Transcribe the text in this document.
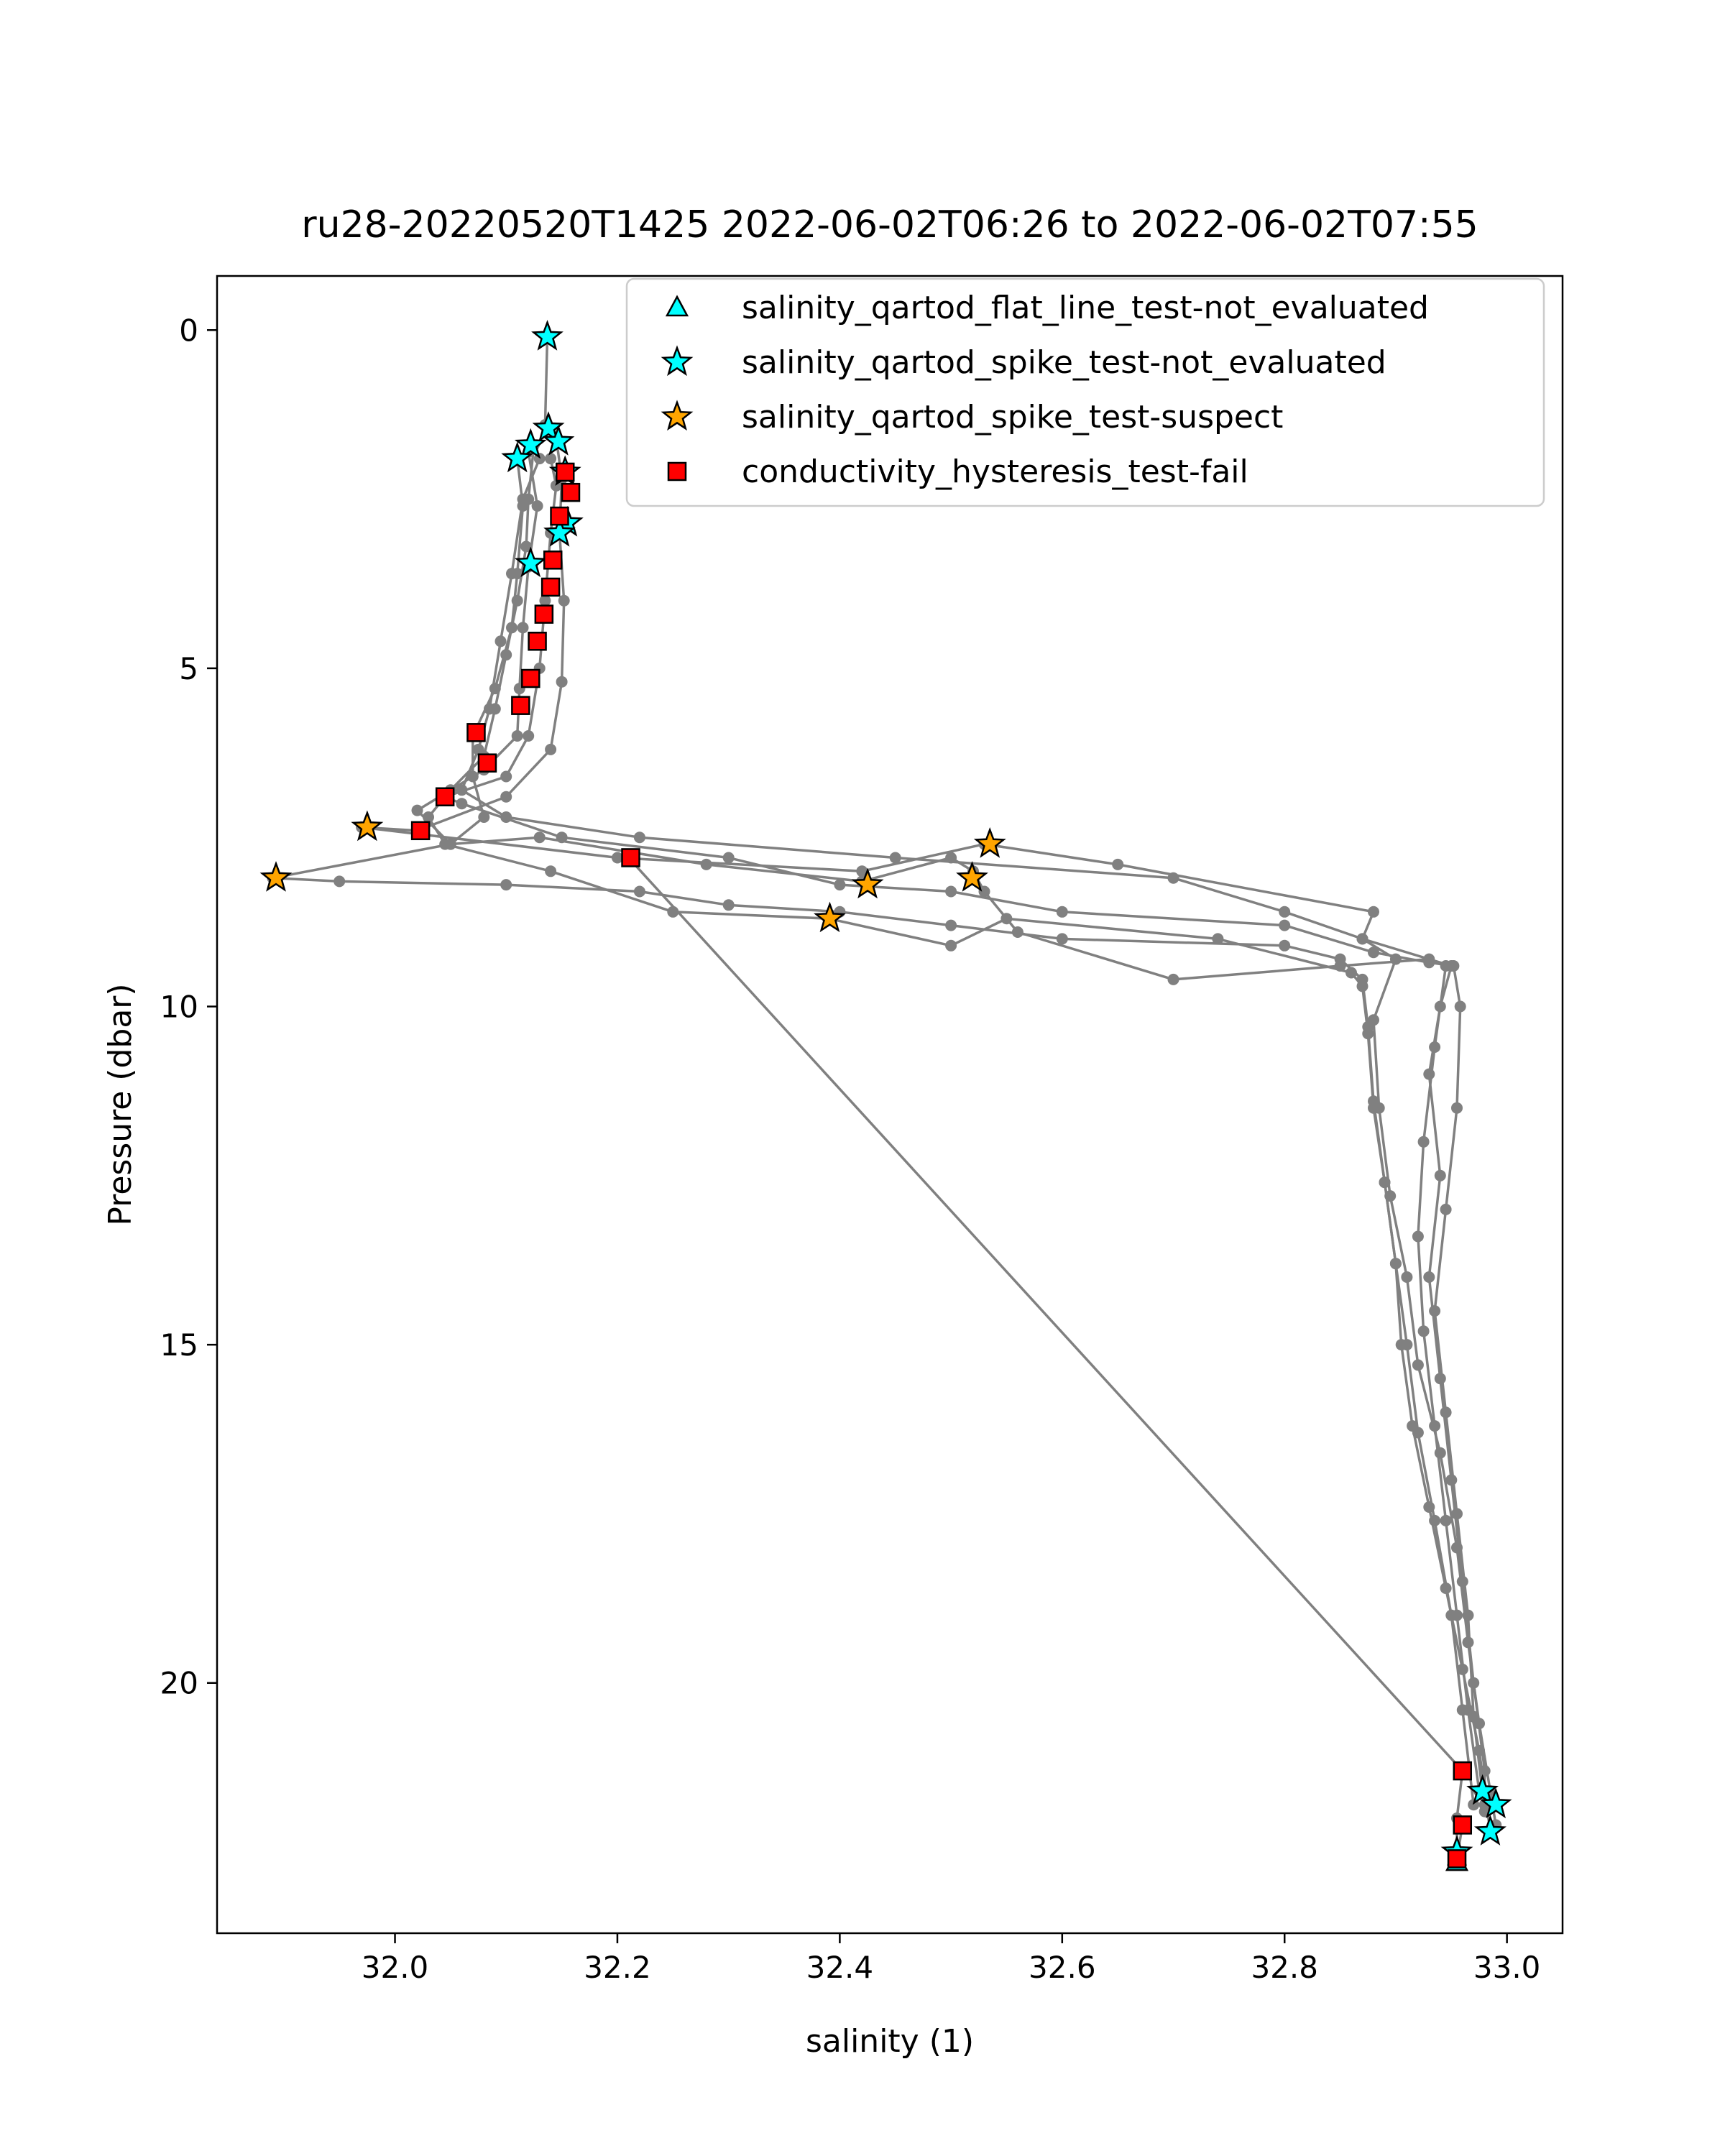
ru28-20220520T1425 2022-06-02T06:26 to 2022-06-02T07:55
32.0	32.2	32.4	32.6	32.8	33.0
0
5
10
15
20
salinity (1)
Pressure (dbar)
salinity_qartod_flat_line_test-not_evaluated
salinity_qartod_spike_test-not_evaluated
salinity_qartod_spike_test-suspect
conductivity_hysteresis_test-fail
